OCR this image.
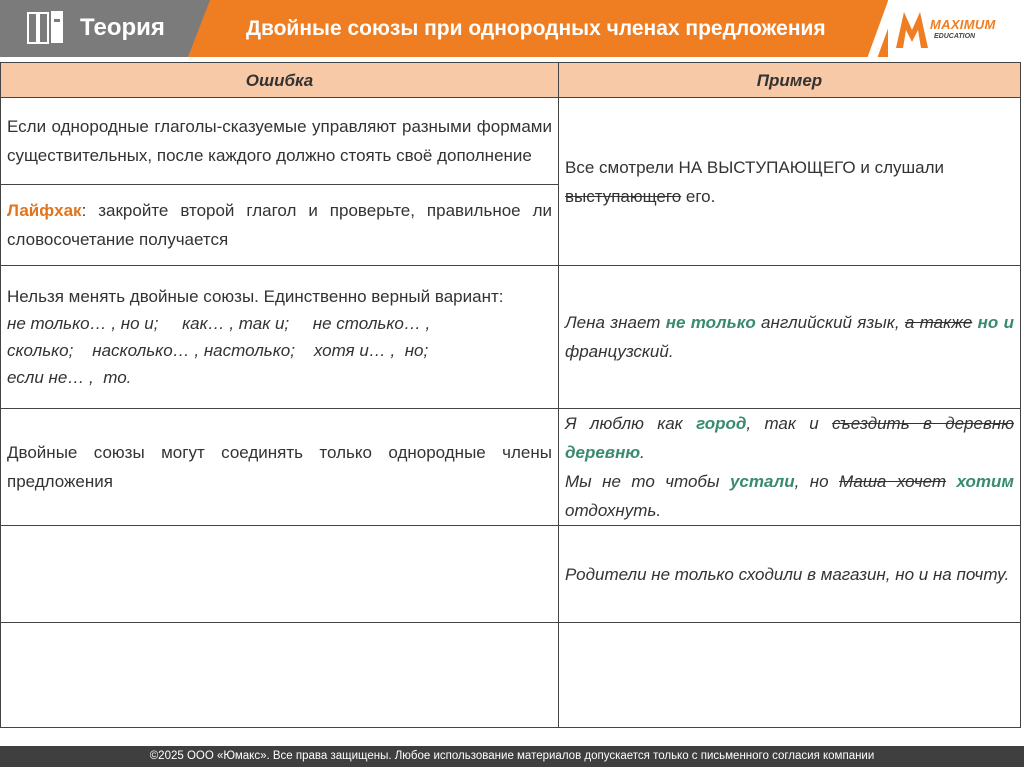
Теория	Двойные союзы при однородных членах предложения	MAXIMUM
EDUCATION
Ошибка	Пример
Если однородные глаголы-сказуемые управляют разными формами существительных, после каждого должно стоять своё дополнение	Все смотрели НА ВЫСТУПАЮЩЕГО и слушали выступающего его.
Лайфхак: закройте второй глагол и проверьте, правильное ли словосочетание получается	

Нельзя менять двойные союзы. Единственно верный вариант:
не только… , но и;     как… , так и;     не столько… ,
сколько;    насколько… , настолько;    хотя и… ,  но;
если не… ,  то.	Лена знает не только английский язык, а также но и французский.
Двойные союзы могут соединять только однородные члены предложения	Я люблю как город, так и съездить в деревню деревню.
Мы не то чтобы устали, но Маша хочет хотим отдохнуть.

	Родители не только сходили в магазин, но и на почту.

©2025 ООО «Юмакс». Все права защищены. Любое использование материалов допускается только с письменного согласия компании
